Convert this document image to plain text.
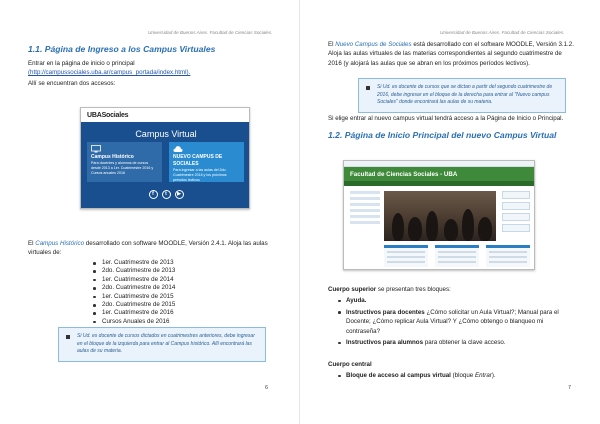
Universidad de Buenos Aires. Facultad de Ciencias Sociales.
1.1. Página de Ingreso a los Campus Virtuales
Entrar en la página de inicio o principal
(http://campussociales.uba.ar/campus_portada/index.html).
Allí se encuentran dos accesos:
UBASociales
Campus Virtual
Campus Histórico
Para docentes y alumnos de cursos desde 2013 a 1er. Cuatrimestre 2016 y Cursos anuales 2016
NUEVO CAMPUS DE SOCIALES
Para ingresar a las aulas del 2do. Cuatrimestre 2016 y los próximos periodos lectivos
f t ▶
El Campus Histórico desarrollado con software MOODLE, Versión 2.4.1. Aloja las aulas virtuales de:
1er. Cuatrimestre de 2013
2do. Cuatrimestre de 2013
1er. Cuatrimestre de 2014
2do. Cuatrimestre de 2014
1er. Cuatrimestre de 2015
2do. Cuatrimestre de 2015
1er. Cuatrimestre de 2016
Cursos Anuales de 2016
Si Ud. es docente de cursos dictados en cuatrimestres anteriores, debe ingresar en el bloque de la izquierda para entrar al Campus histórico. Allí encontrará las aulas de su materia.
6
Universidad de Buenos Aires. Facultad de Ciencias Sociales.
El Nuevo Campus de Sociales está desarrollado con el software MOODLE, Versión 3.1.2. Aloja las aulas virtuales de las materias correspondientes al segundo cuatrimestre de 2016 (y alojará las aulas que se abran en los próximos períodos lectivos).
Si Ud. es docente de cursos que se dictan a partir del segundo cuatrimestre de 2016, debe ingresar en el bloque de la derecha para entrar al "Nuevo campus Sociales" donde encontrará las aulas de su materia.
Si elige entrar al nuevo campus virtual tendrá acceso a la Página de Inicio o Principal.
1.2. Página de Inicio Principal del nuevo Campus Virtual
Facultad de Ciencias Sociales - UBA
Cuerpo superior se presentan tres bloques:
Ayuda.
Instructivos para docentes ¿Cómo solicitar un Aula Virtual?; Manual para el Docente; ¿Cómo replicar Aula Virtual? Y ¿Cómo obtengo o blanqueo mi contraseña?
Instructivos para alumnos para obtener la clave acceso.
Cuerpo central
Bloque de acceso al campus virtual (bloque Entrar).
7
